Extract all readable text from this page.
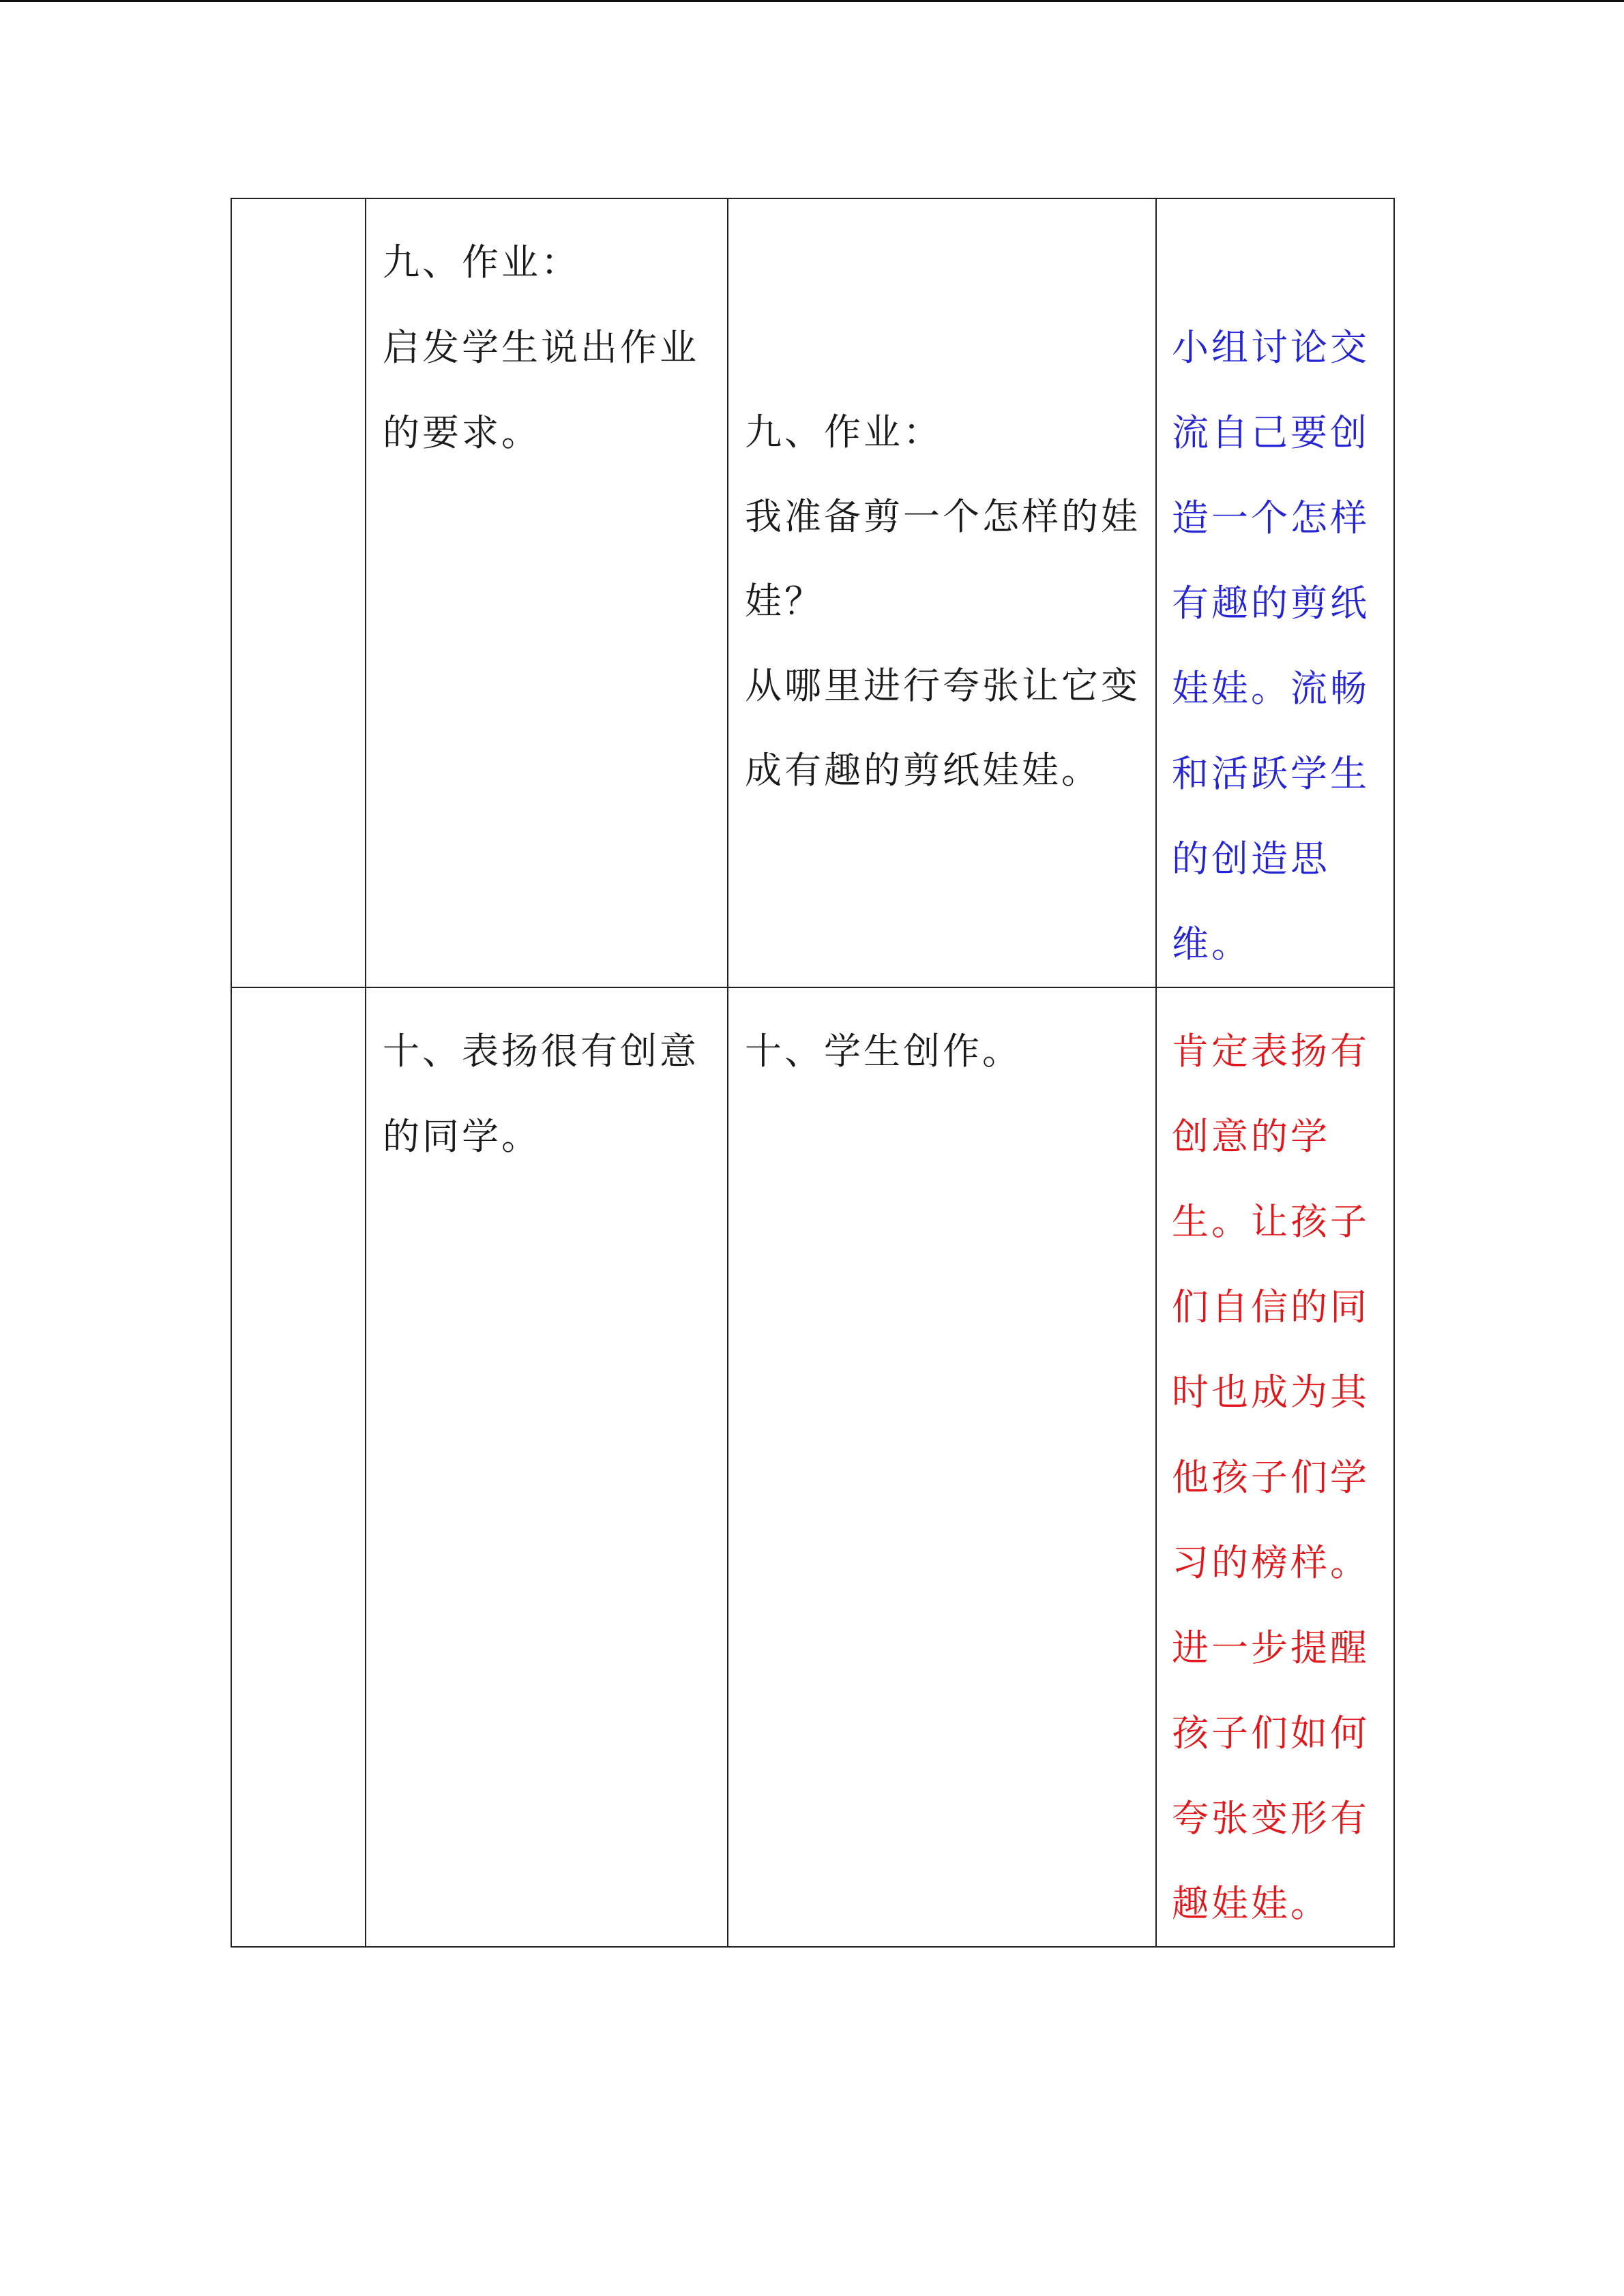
	九、作业：
启发学生说出作业的要求。	九、作业：
我准备剪一个怎样的娃娃？
从哪里进行夸张让它变成有趣的剪纸娃娃。	小组讨论交流自己要创造一个怎样有趣的剪纸娃娃。流畅和活跃学生的创造思维。

	十、表扬很有创意的同学。	十、学生创作。	肯定表扬有创意的学生。让孩子们自信的同时也成为其他孩子们学习的榜样。进一步提醒孩子们如何夸张变形有趣娃娃。
